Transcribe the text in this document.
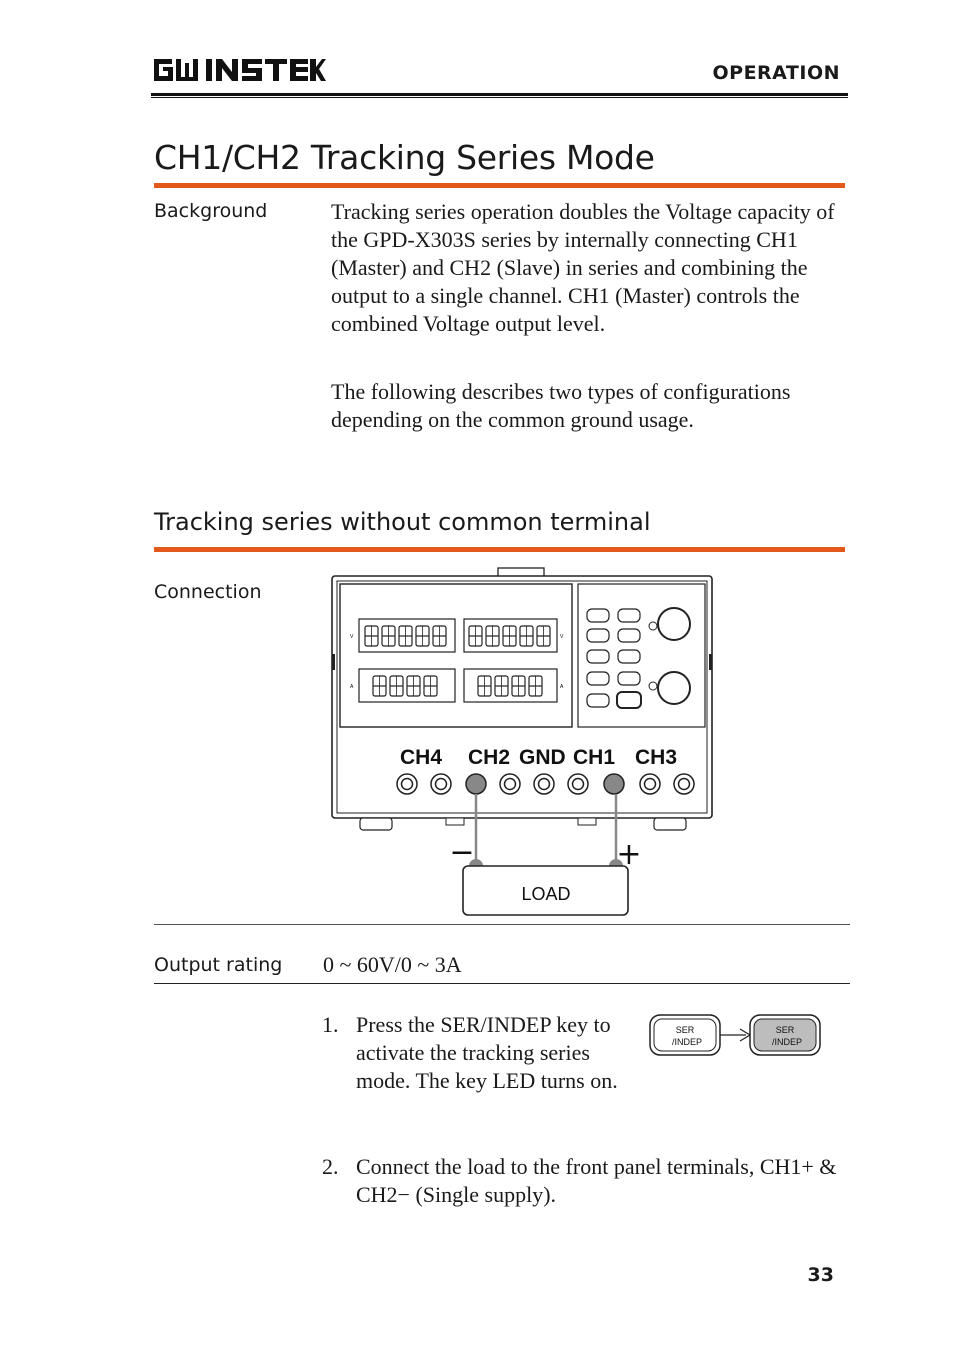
OPERATION
CH1/CH2 Tracking Series Mode
Background	Tracking series operation doubles the Voltage capacity of the GPD-X303S series by internally connecting CH1 (Master) and CH2 (Slave) in series and combining the output to a single channel. CH1 (Master) controls the combined Voltage output level.
The following describes two types of configurations depending on the common ground usage.
Tracking series without common terminal
Connection
V	V
A	A
CH4 CH2 GND CH1 CH3
LOAD
−	+
Output rating 0 ~ 60V/0 ~ 3A
1. Press the SER/INDEP key to activate the tracking series mode. The key LED turns on.
SER
/INDEP
SER
/INDEP
2. Connect the load to the front panel terminals, CH1+ & CH2− (Single supply).
33
